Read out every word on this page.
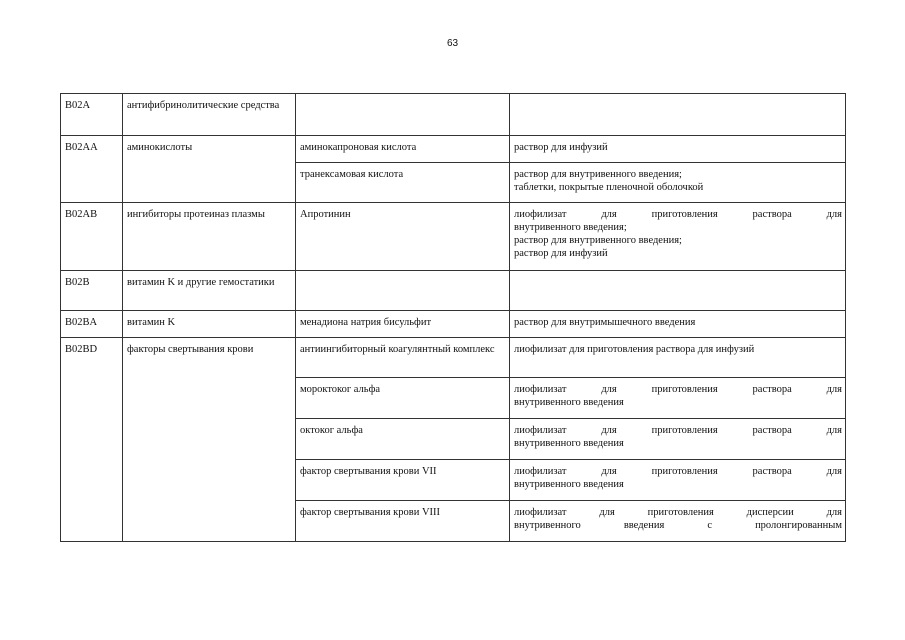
63
B02A	антифибринолитические средства		
B02AA	аминокислоты	аминокапроновая кислота	раствор для инфузий
		транексамовая кислота	раствор для внутривенного введения;
таблетки, покрытые пленочной оболочкой

B02AB	ингибиторы протеиназ плазмы	Апротинин	лиофилизат для приготовления раствора для
внутривенного введения;
раствор для внутривенного введения;
раствор для инфузий

B02B	витамин K и другие гемостатики		
B02BA	витамин K	менадиона натрия бисульфит	раствор для внутримышечного введения
B02BD	факторы свертывания крови	антиингибиторный коагулянтный комплекс	лиофилизат для приготовления раствора для инфузий
		мороктоког альфа	лиофилизат для приготовления раствора для
внутривенного введения

		октоког альфа	лиофилизат для приготовления раствора для
внутривенного введения

		фактор свертывания крови VII	лиофилизат для приготовления раствора для
внутривенного введения

		фактор свертывания крови VIII	лиофилизат для приготовления дисперсии для
внутривенного введения с пролонгированным
